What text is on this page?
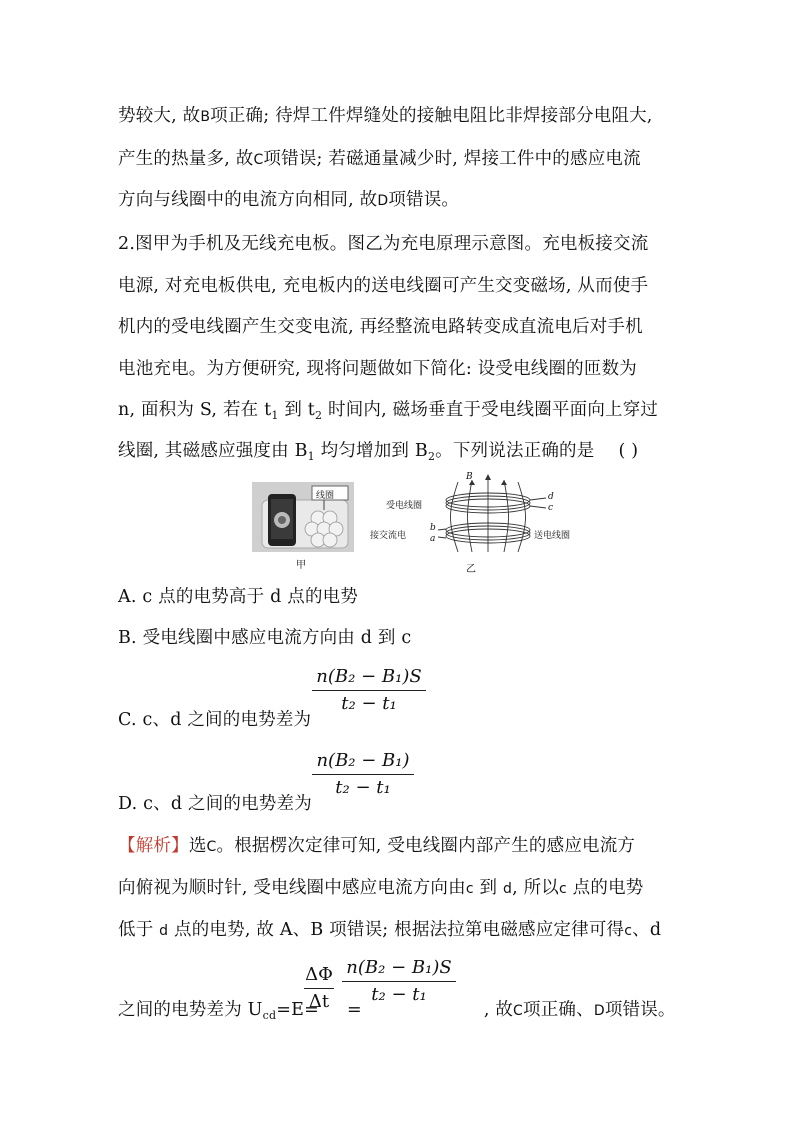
势较大, 故B项正确; 待焊工件焊缝处的接触电阻比非焊接部分电阻大,
产生的热量多, 故C项错误; 若磁通量减少时, 焊接工件中的感应电流
方向与线圈中的电流方向相同, 故D项错误。
2.图甲为手机及无线充电板。图乙为充电原理示意图。充电板接交流
电源, 对充电板供电, 充电板内的送电线圈可产生交变磁场, 从而使手
机内的受电线圈产生交变电流, 再经整流电路转变成直流电后对手机
电池充电。为方便研究, 现将问题做如下简化: 设受电线圈的匝数为
n, 面积为 S, 若在 $t_1$ 到 $t_2$ 时间内, 磁场垂直于受电线圈平面向上穿过
线圈, 其磁感应强度由 $B_1$ 均匀增加到 $B_2$。下列说法正确的是 ( )
线圈
甲
B
d
c
b
a
受电线圈
接交流电	送电线圈
乙
A. c 点的电势高于 d 点的电势
B. 受电线圈中感应电流方向由 d 到 c
n(B₂ − B₁)S
t₂ − t₁
C. c、d 之间的电势差为
n(B₂ − B₁)
t₂ − t₁
D. c、d 之间的电势差为
【解析】选C。根据楞次定律可知, 受电线圈内部产生的感应电流方
向俯视为顺时针, 受电线圈中感应电流方向由c 到 d, 所以c 点的电势
低于 d 点的电势, 故 A、B 项错误; 根据法拉第电磁感应定律可得c、d
ΔΦ
Δt
n(B₂ − B₁)S
t₂ − t₁
之间的电势差为 $U_{cd}=E=$ =	, 故C项正确、D项错误。
